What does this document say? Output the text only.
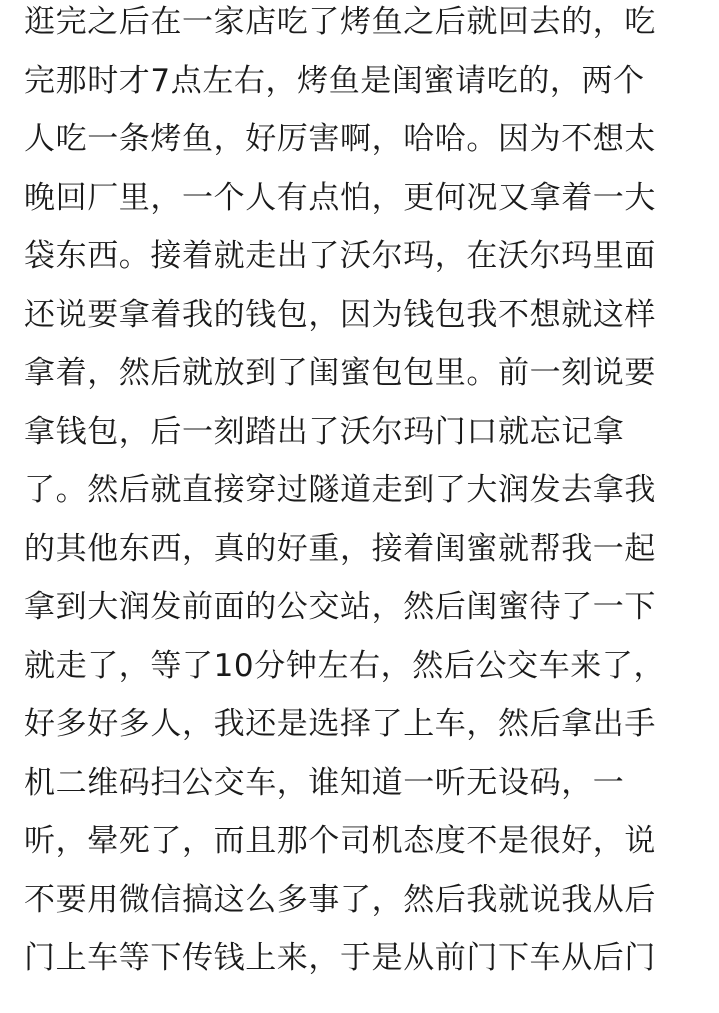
逛完之后在一家店吃了烤鱼之后就回去的，吃
完那时才7点左右，烤鱼是闺蜜请吃的，两个
人吃一条烤鱼，好厉害啊，哈哈。因为不想太
晚回厂里，一个人有点怕，更何况又拿着一大
袋东西。接着就走出了沃尔玛，在沃尔玛里面
还说要拿着我的钱包，因为钱包我不想就这样
拿着，然后就放到了闺蜜包包里。前一刻说要
拿钱包，后一刻踏出了沃尔玛门口就忘记拿
了。然后就直接穿过隧道走到了大润发去拿我
的其他东西，真的好重，接着闺蜜就帮我一起
拿到大润发前面的公交站，然后闺蜜待了一下
就走了，等了10分钟左右，然后公交车来了，
好多好多人，我还是选择了上车，然后拿出手
机二维码扫公交车，谁知道一听无设码，一
听，晕死了，而且那个司机态度不是很好，说
不要用微信搞这么多事了，然后我就说我从后
门上车等下传钱上来，于是从前门下车从后门
